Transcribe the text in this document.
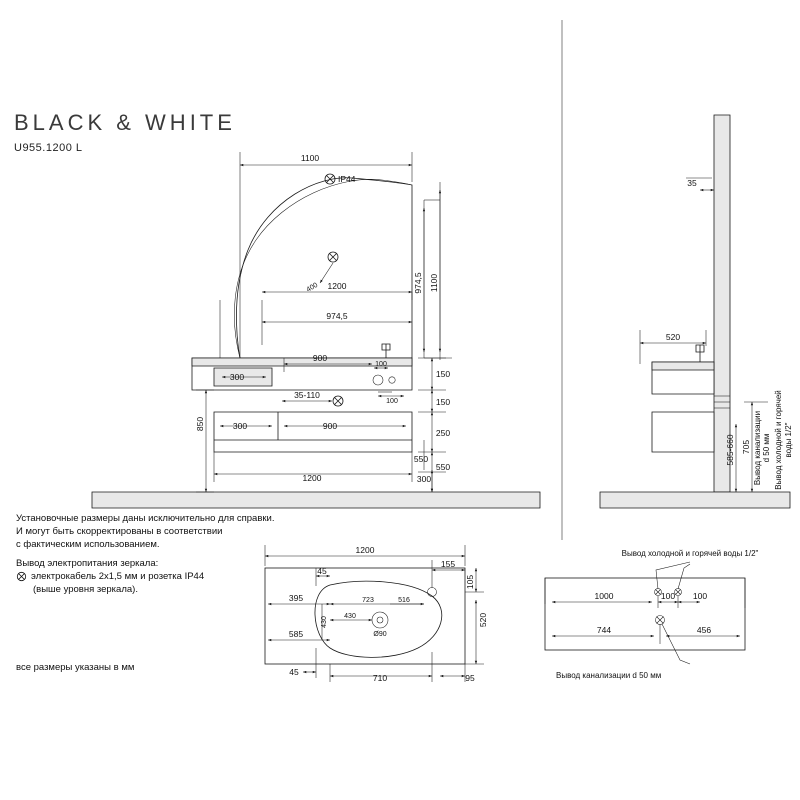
BLACK & WHITE
U955.1200 L
Установочные размеры даны исключительно для справки.
И могут быть скорректированы в соответствии
с фактическим использованием.
Вывод электропитания зеркала:
электрокабель 2х1,5 мм и розетка IP44
(выше уровня зеркала).
все размеры указаны в мм
IP44
400
1100
974,5 1100
1200
974,5
900
300
100
100
150
150
35-110
300	900
250
550
550
300
850
1200
35
520
705
585-660 Вывод канализации d 50 мм Вывод холодной и горячей воды 1/2"
1200
45
155
105
520
395
585
723	516
430
430
Ø90
45
710	95
Вывод холодной и горячей воды 1/2"
Вывод канализации d 50 мм
1000	100 100
744	456
